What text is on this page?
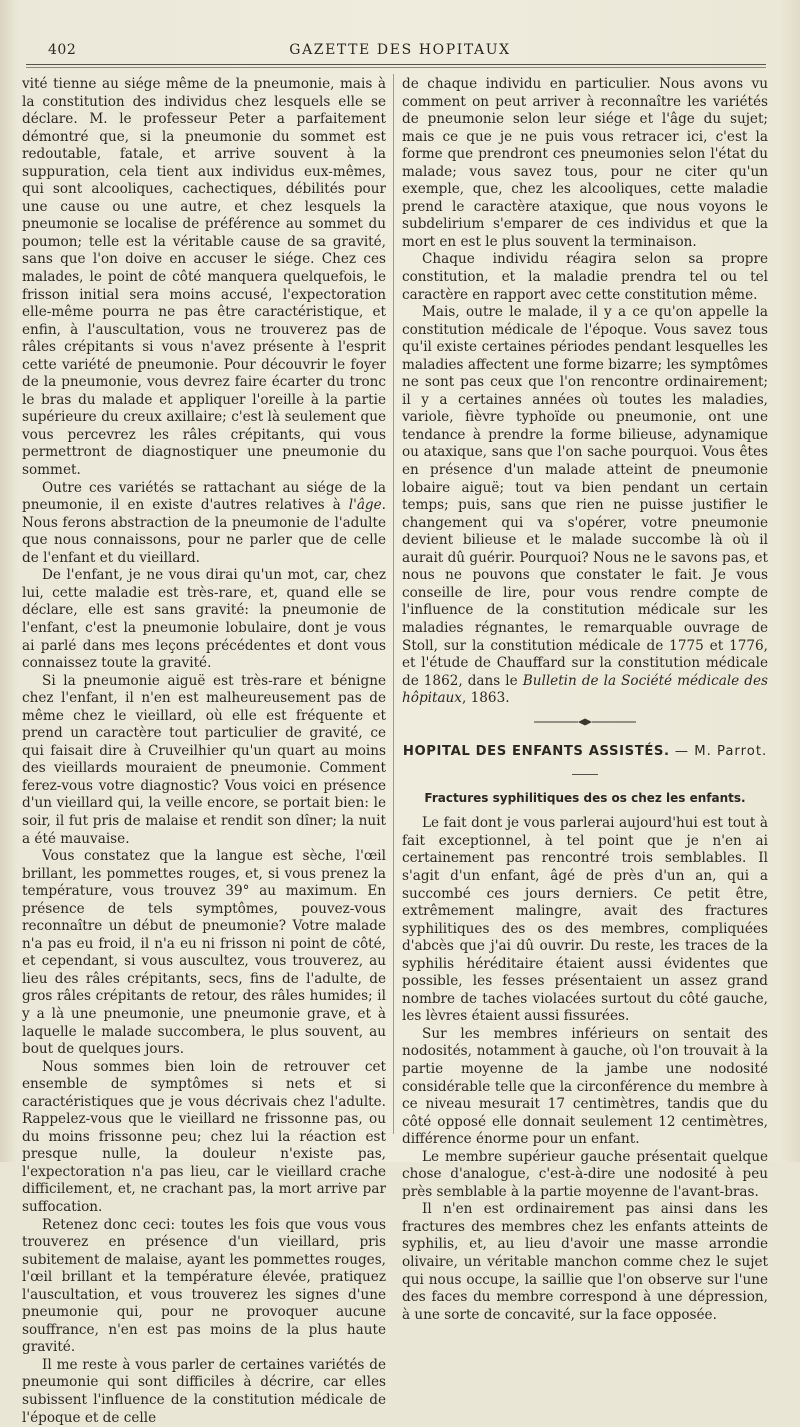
402	GAZETTE DES HOPITAUX

vité tienne au siége même de la pneumonie, mais à la constitution des individus chez lesquels elle se déclare. M. le professeur Peter a parfaitement démontré que, si la pneumonie du sommet est redoutable, fatale, et arrive souvent à la suppuration, cela tient aux individus eux-mêmes, qui sont alcooliques, cachectiques, débilités pour une cause ou une autre, et chez lesquels la pneumonie se localise de préférence au sommet du poumon; telle est la véritable cause de sa gravité, sans que l'on doive en accuser le siége. Chez ces malades, le point de côté manquera quelquefois, le frisson initial sera moins accusé, l'expectoration elle-même pourra ne pas être caractéristique, et enfin, à l'auscultation, vous ne trouverez pas de râles crépitants si vous n'avez présente à l'esprit cette variété de pneumonie. Pour découvrir le foyer de la pneumonie, vous devrez faire écarter du tronc le bras du malade et appliquer l'oreille à la partie supérieure du creux axillaire; c'est là seulement que vous percevrez les râles crépitants, qui vous permettront de diagnostiquer une pneumonie du sommet.

Outre ces variétés se rattachant au siége de la pneumonie, il en existe d'autres relatives à l'âge. Nous ferons abstraction de la pneumonie de l'adulte que nous connaissons, pour ne parler que de celle de l'enfant et du vieillard.

De l'enfant, je ne vous dirai qu'un mot, car, chez lui, cette maladie est très-rare, et, quand elle se déclare, elle est sans gravité: la pneumonie de l'enfant, c'est la pneumonie lobulaire, dont je vous ai parlé dans mes leçons précédentes et dont vous connaissez toute la gravité.

Si la pneumonie aiguë est très-rare et bénigne chez l'enfant, il n'en est malheureusement pas de même chez le vieillard, où elle est fréquente et prend un caractère tout particulier de gravité, ce qui faisait dire à Cruveilhier qu'un quart au moins des vieillards mouraient de pneumonie. Comment ferez-vous votre diagnostic? Vous voici en présence d'un vieillard qui, la veille encore, se portait bien: le soir, il fut pris de malaise et rendit son dîner; la nuit a été mauvaise.

Vous constatez que la langue est sèche, l'œil brillant, les pommettes rouges, et, si vous prenez la température, vous trouvez 39° au maximum. En présence de tels symptômes, pouvez-vous reconnaître un début de pneumonie? Votre malade n'a pas eu froid, il n'a eu ni frisson ni point de côté, et cependant, si vous auscultez, vous trouverez, au lieu des râles crépitants, secs, fins de l'adulte, de gros râles crépitants de retour, des râles humides; il y a là une pneumonie, une pneumonie grave, et à laquelle le malade succombera, le plus souvent, au bout de quelques jours.

Nous sommes bien loin de retrouver cet ensemble de symptômes si nets et si caractéristiques que je vous décrivais chez l'adulte. Rappelez-vous que le vieillard ne frissonne pas, ou du moins frissonne peu; chez lui la réaction est presque nulle, la douleur n'existe pas, l'expectoration n'a pas lieu, car le vieillard crache difficilement, et, ne crachant pas, la mort arrive par suffocation.

Retenez donc ceci: toutes les fois que vous vous trouverez en présence d'un vieillard, pris subitement de malaise, ayant les pommettes rouges, l'œil brillant et la température élevée, pratiquez l'auscultation, et vous trouverez les signes d'une pneumonie qui, pour ne provoquer aucune souffrance, n'en est pas moins de la plus haute gravité.

Il me reste à vous parler de certaines variétés de pneumonie qui sont difficiles à décrire, car elles subissent l'influence de la constitution médicale de l'époque et de celle

de chaque individu en particulier. Nous avons vu comment on peut arriver à reconnaître les variétés de pneumonie selon leur siége et l'âge du sujet; mais ce que je ne puis vous retracer ici, c'est la forme que prendront ces pneumonies selon l'état du malade; vous savez tous, pour ne citer qu'un exemple, que, chez les alcooliques, cette maladie prend le caractère ataxique, que nous voyons le subdelirium s'emparer de ces individus et que la mort en est le plus souvent la terminaison.

Chaque individu réagira selon sa propre constitution, et la maladie prendra tel ou tel caractère en rapport avec cette constitution même.

Mais, outre le malade, il y a ce qu'on appelle la constitution médicale de l'époque. Vous savez tous qu'il existe certaines périodes pendant lesquelles les maladies affectent une forme bizarre; les symptômes ne sont pas ceux que l'on rencontre ordinairement; il y a certaines années où toutes les maladies, variole, fièvre typhoïde ou pneumonie, ont une tendance à prendre la forme bilieuse, adynamique ou ataxique, sans que l'on sache pourquoi. Vous êtes en présence d'un malade atteint de pneumonie lobaire aiguë; tout va bien pendant un certain temps; puis, sans que rien ne puisse justifier le changement qui va s'opérer, votre pneumonie devient bilieuse et le malade succombe là où il aurait dû guérir. Pourquoi? Nous ne le savons pas, et nous ne pouvons que constater le fait. Je vous conseille de lire, pour vous rendre compte de l'influence de la constitution médicale sur les maladies régnantes, le remarquable ouvrage de Stoll, sur la constitution médicale de 1775 et 1776, et l'étude de Chauffard sur la constitution médicale de 1862, dans le Bulletin de la Société médicale des hôpitaux, 1863.

HOPITAL DES ENFANTS ASSISTÉS. — M. Parrot.
Fractures syphilitiques des os chez les enfants.

Le fait dont je vous parlerai aujourd'hui est tout à fait exceptionnel, à tel point que je n'en ai certainement pas rencontré trois semblables. Il s'agit d'un enfant, âgé de près d'un an, qui a succombé ces jours derniers. Ce petit être, extrêmement malingre, avait des fractures syphilitiques des os des membres, compliquées d'abcès que j'ai dû ouvrir. Du reste, les traces de la syphilis héréditaire étaient aussi évidentes que possible, les fesses présentaient un assez grand nombre de taches violacées surtout du côté gauche, les lèvres étaient aussi fissurées.

Sur les membres inférieurs on sentait des nodosités, notamment à gauche, où l'on trouvait à la partie moyenne de la jambe une nodosité considérable telle que la circonférence du membre à ce niveau mesurait 17 centimètres, tandis que du côté opposé elle donnait seulement 12 centimètres, différence énorme pour un enfant.

Le membre supérieur gauche présentait quelque chose d'analogue, c'est-à-dire une nodosité à peu près semblable à la partie moyenne de l'avant-bras.

Il n'en est ordinairement pas ainsi dans les fractures des membres chez les enfants atteints de syphilis, et, au lieu d'avoir une masse arrondie olivaire, un véritable manchon comme chez le sujet qui nous occupe, la saillie que l'on observe sur l'une des faces du membre correspond à une dépression, à une sorte de concavité, sur la face opposée.
